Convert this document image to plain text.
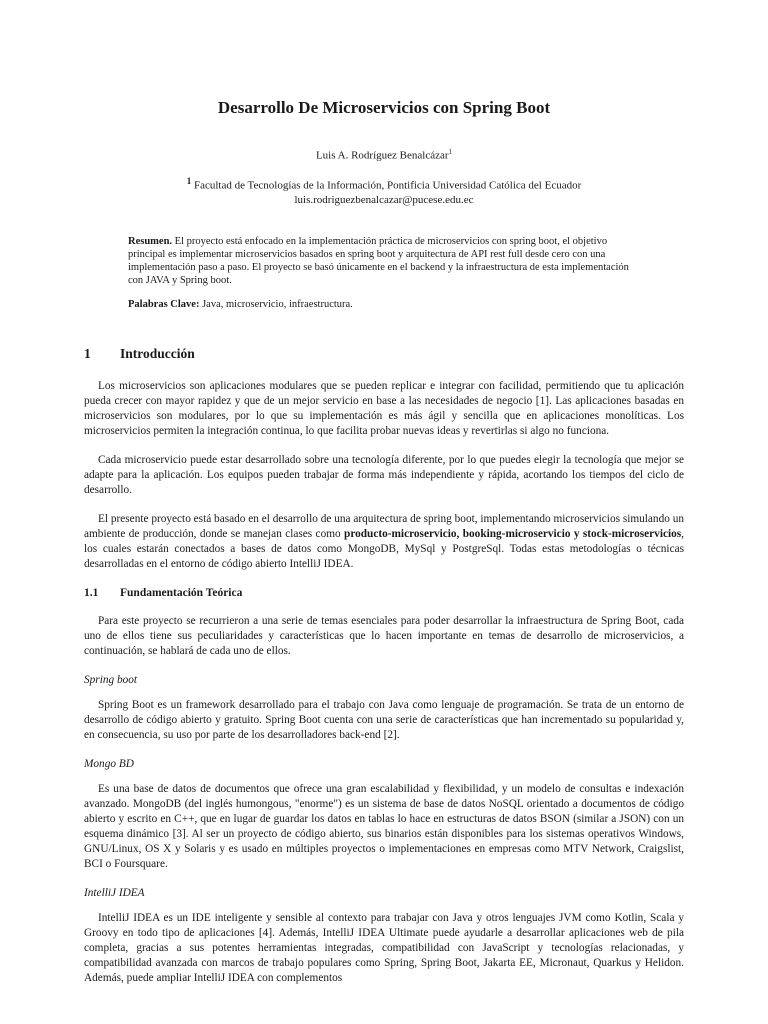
Desarrollo De Microservicios con Spring Boot
Luis A. Rodríguez Benalcázar$^1$
$^1$ Facultad de Tecnologías de la Información, Pontificia Universidad Católica del Ecuador
luis.rodriguezbenalcazar@pucese.edu.ec

Resumen. El proyecto está enfocado en la implementación práctica de microservicios con spring boot, el objetivo principal es implementar microservicios basados en spring boot y arquitectura de API rest full desde cero con una implementación paso a paso. El proyecto se basó únicamente en el backend y la infraestructura de esta implementación con JAVA y Spring boot.

Palabras Clave: Java, microservicio, infraestructura.

1 Introducción

Los microservicios son aplicaciones modulares que se pueden replicar e integrar con facilidad, permitiendo que tu aplicación pueda crecer con mayor rapidez y que de un mejor servicio en base a las necesidades de negocio [1]. Las aplicaciones basadas en microservicios son modulares, por lo que su implementación es más ágil y sencilla que en aplicaciones monolíticas. Los microservicios permiten la integración continua, lo que facilita probar nuevas ideas y revertirlas si algo no funciona.

Cada microservicio puede estar desarrollado sobre una tecnología diferente, por lo que puedes elegir la tecnología que mejor se adapte para la aplicación. Los equipos pueden trabajar de forma más independiente y rápida, acortando los tiempos del ciclo de desarrollo.

El presente proyecto está basado en el desarrollo de una arquitectura de spring boot, implementando microservicios simulando un ambiente de producción, donde se manejan clases como producto-microservicio, booking-microservicio y stock-microservicios, los cuales estarán conectados a bases de datos como MongoDB, MySql y PostgreSql. Todas estas metodologías o técnicas desarrolladas en el entorno de código abierto IntelliJ IDEA.

1.1 Fundamentación Teórica

Para este proyecto se recurrieron a una serie de temas esenciales para poder desarrollar la infraestructura de Spring Boot, cada uno de ellos tiene sus peculiaridades y características que lo hacen importante en temas de desarrollo de microservicios, a continuación, se hablará de cada uno de ellos.

Spring boot

Spring Boot es un framework desarrollado para el trabajo con Java como lenguaje de programación. Se trata de un entorno de desarrollo de código abierto y gratuito. Spring Boot cuenta con una serie de características que han incrementado su popularidad y, en consecuencia, su uso por parte de los desarrolladores back-end [2].

Mongo BD

Es una base de datos de documentos que ofrece una gran escalabilidad y flexibilidad, y un modelo de consultas e indexación avanzado. MongoDB (del inglés humongous, "enorme") es un sistema de base de datos NoSQL orientado a documentos de código abierto y escrito en C++, que en lugar de guardar los datos en tablas lo hace en estructuras de datos BSON (similar a JSON) con un esquema dinámico [3]. Al ser un proyecto de código abierto, sus binarios están disponibles para los sistemas operativos Windows, GNU/Linux, OS X y Solaris y es usado en múltiples proyectos o implementaciones en empresas como MTV Network, Craigslist, BCI o Foursquare.

IntelliJ IDEA

IntelliJ IDEA es un IDE inteligente y sensible al contexto para trabajar con Java y otros lenguajes JVM como Kotlin, Scala y Groovy en todo tipo de aplicaciones [4]. Además, IntelliJ IDEA Ultimate puede ayudarle a desarrollar aplicaciones web de pila completa, gracias a sus potentes herramientas integradas, compatibilidad con JavaScript y tecnologías relacionadas, y compatibilidad avanzada con marcos de trabajo populares como Spring, Spring Boot, Jakarta EE, Micronaut, Quarkus y Helidon. Además, puede ampliar IntelliJ IDEA con complementos
